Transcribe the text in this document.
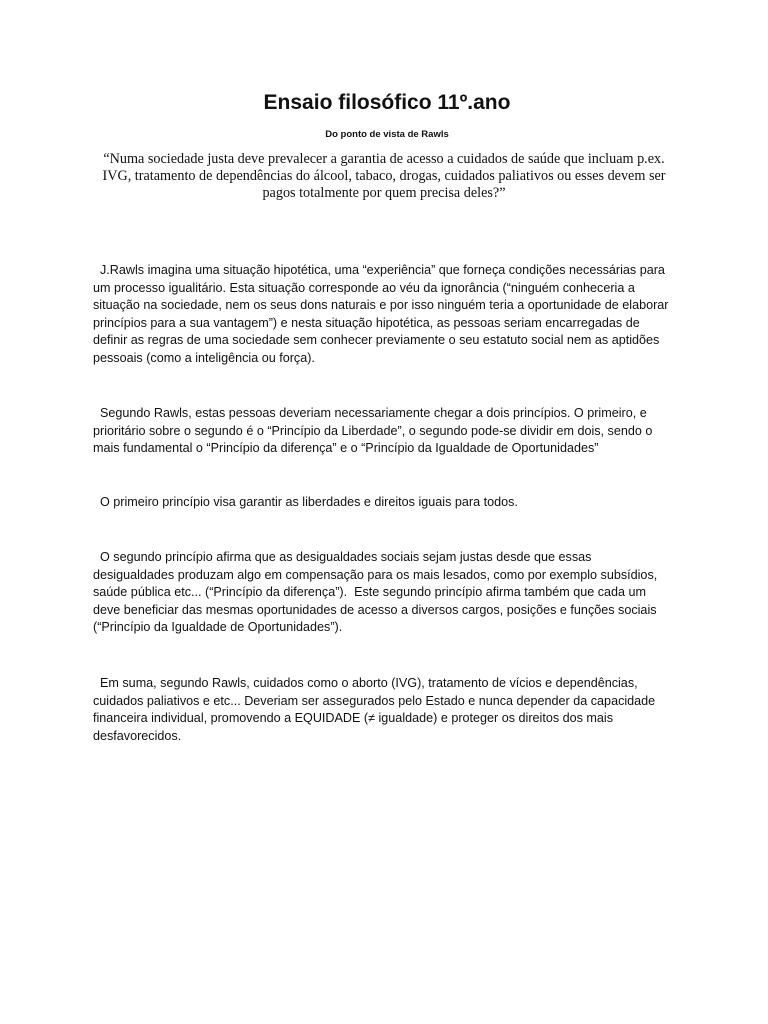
Ensaio filosófico 11º.ano

Do ponto de vista de Rawls

“Numa sociedade justa deve prevalecer a garantia de acesso a cuidados de saúde que incluam p.ex. IVG, tratamento de dependências do álcool, tabaco, drogas, cuidados paliativos ou esses devem ser pagos totalmente por quem precisa deles?”

J.Rawls imagina uma situação hipotética, uma “experiência” que forneça condições necessárias para um processo igualitário. Esta situação corresponde ao véu da ignorância (“ninguém conheceria a situação na sociedade, nem os seus dons naturais e por isso ninguém teria a oportunidade de elaborar princípios para a sua vantagem”) e nesta situação hipotética, as pessoas seriam encarregadas de definir as regras de uma sociedade sem conhecer previamente o seu estatuto social nem as aptidões pessoais (como a inteligência ou força).

Segundo Rawls, estas pessoas deveriam necessariamente chegar a dois princípios. O primeiro, e prioritário sobre o segundo é o “Princípio da Liberdade”, o segundo pode-se dividir em dois, sendo o mais fundamental o “Princípio da diferença” e o “Princípio da Igualdade de Oportunidades”

O primeiro princípio visa garantir as liberdades e direitos iguais para todos.

O segundo princípio afirma que as desigualdades sociais sejam justas desde que essas desigualdades produzam algo em compensação para os mais lesados, como por exemplo subsídios, saúde pública etc... (“Princípio da diferença”).  Este segundo princípio afirma também que cada um deve beneficiar das mesmas oportunidades de acesso a diversos cargos, posições e funções sociais (“Princípio da Igualdade de Oportunidades”).

Em suma, segundo Rawls, cuidados como o aborto (IVG), tratamento de vícios e dependências, cuidados paliativos e etc... Deveriam ser assegurados pelo Estado e nunca depender da capacidade financeira individual, promovendo a EQUIDADE (≠ igualdade) e proteger os direitos dos mais desfavorecidos.
